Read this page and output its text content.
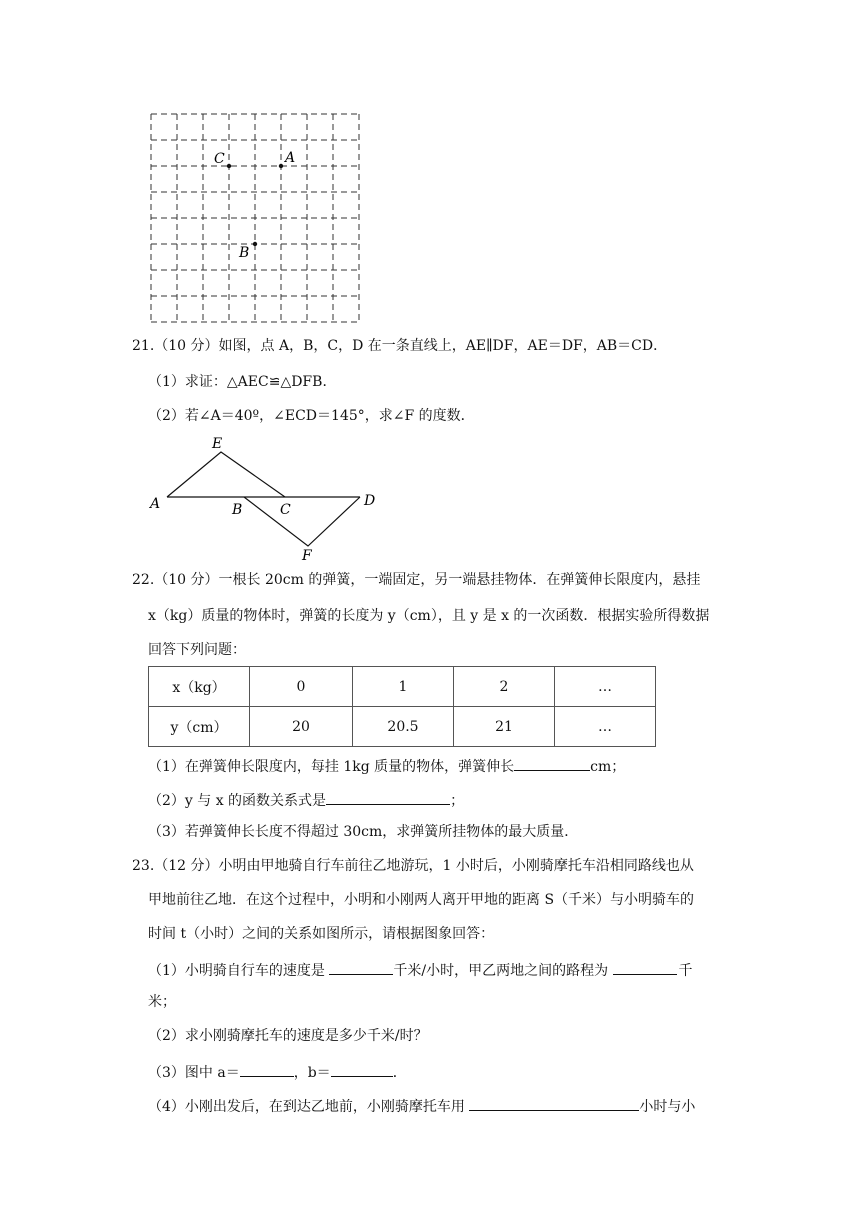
C	A
B
21.（10 分）如图，点 A，B，C，D 在一条直线上，AE∥DF，AE＝DF，AB＝CD．
（1）求证：△AEC≌△DFB．
（2）若∠A＝40º，∠ECD＝145°，求∠F 的度数．
E
A	B	C
D
F
22.（10 分）一根长 20cm 的弹簧，一端固定，另一端悬挂物体．在弹簧伸长限度内，悬挂
x（kg）质量的物体时，弹簧的长度为 y（cm），且 y 是 x 的一次函数．根据实验所得数据
回答下列问题：
x（kg）	0	1	2	…
y（cm）	20	20.5	21	…
（1）在弹簧伸长限度内，每挂 1kg 质量的物体，弹簧伸长	cm；
（2）y 与 x 的函数关系式是	；
（3）若弹簧伸长长度不得超过 30cm，求弹簧所挂物体的最大质量．
23.（12 分）小明由甲地骑自行车前往乙地游玩，1 小时后，小刚骑摩托车沿相同路线也从
甲地前往乙地．在这个过程中，小明和小刚两人离开甲地的距离 S（千米）与小明骑车的
时间 t（小时）之间的关系如图所示，请根据图象回答：
（1）小明骑自行车的速度是	千米/小时，甲乙两地之间的路程为	千
米；
（2）求小刚骑摩托车的速度是多少千米/时？
（3）图中 a＝	，b＝	．
（4）小刚出发后，在到达乙地前，小刚骑摩托车用	小时与小
